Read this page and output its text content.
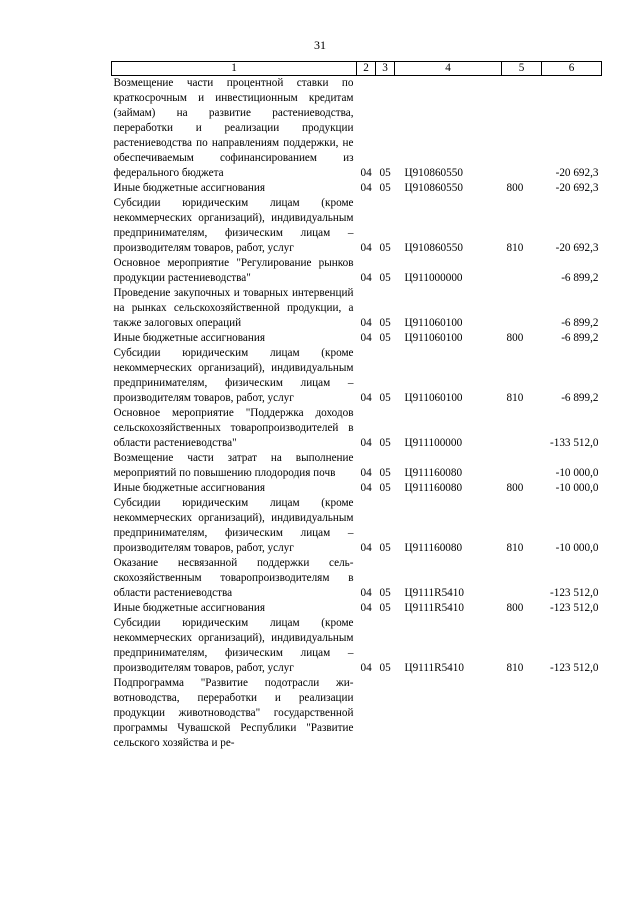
31
1	2	3	4	5	6
Возмещение части процентной ставки по краткосрочным и инвестиционным кредитам (займам) на развитие растениеводства, переработки и реализации продукции растениеводства по направлениям поддержки, не обеспечиваемым софинансированием из федерального бюджета	04	05	Ц910860550		-20 692,3
Иные бюджетные ассигнования	04	05	Ц910860550	800	-20 692,3
Субсидии юридическим лицам (кроме некоммерческих организаций), индивидуальным предпринимателям, физическим лицам – производителям товаров, работ, услуг	04	05	Ц910860550	810	-20 692,3
Основное мероприятие "Регулирование рынков продукции растениеводства"	04	05	Ц911000000		-6 899,2
Проведение закупочных и товарных интервенций на рынках сельскохозяйственной продукции, а также залоговых операций	04	05	Ц911060100		-6 899,2
Иные бюджетные ассигнования	04	05	Ц911060100	800	-6 899,2
Субсидии юридическим лицам (кроме некоммерческих организаций), индивидуальным предпринимателям, физическим лицам – производителям товаров, работ, услуг	04	05	Ц911060100	810	-6 899,2
Основное мероприятие "Поддержка доходов сельскохозяйственных товаропроизводителей в области растениеводства"	04	05	Ц911100000		-133 512,0
Возмещение части затрат на выполнение мероприятий по повышению плодородия почв	04	05	Ц911160080		-10 000,0
Иные бюджетные ассигнования	04	05	Ц911160080	800	-10 000,0
Субсидии юридическим лицам (кроме некоммерческих организаций), индивидуальным предпринимателям, физическим лицам – производителям товаров, работ, услуг	04	05	Ц911160080	810	-10 000,0
Оказание несвязанной поддержки сельскохозяйственным товаропроизводителям в области растениеводства	04	05	Ц9111R5410		-123 512,0
Иные бюджетные ассигнования	04	05	Ц9111R5410	800	-123 512,0
Субсидии юридическим лицам (кроме некоммерческих организаций), индивидуальным предпринимателям, физическим лицам – производителям товаров, работ, услуг	04	05	Ц9111R5410	810	-123 512,0
Подпрограмма "Развитие подотрасли животноводства, переработки и реализации продукции животноводства" государственной программы Чувашской Республики "Развитие сельского хозяйства и ре-					
